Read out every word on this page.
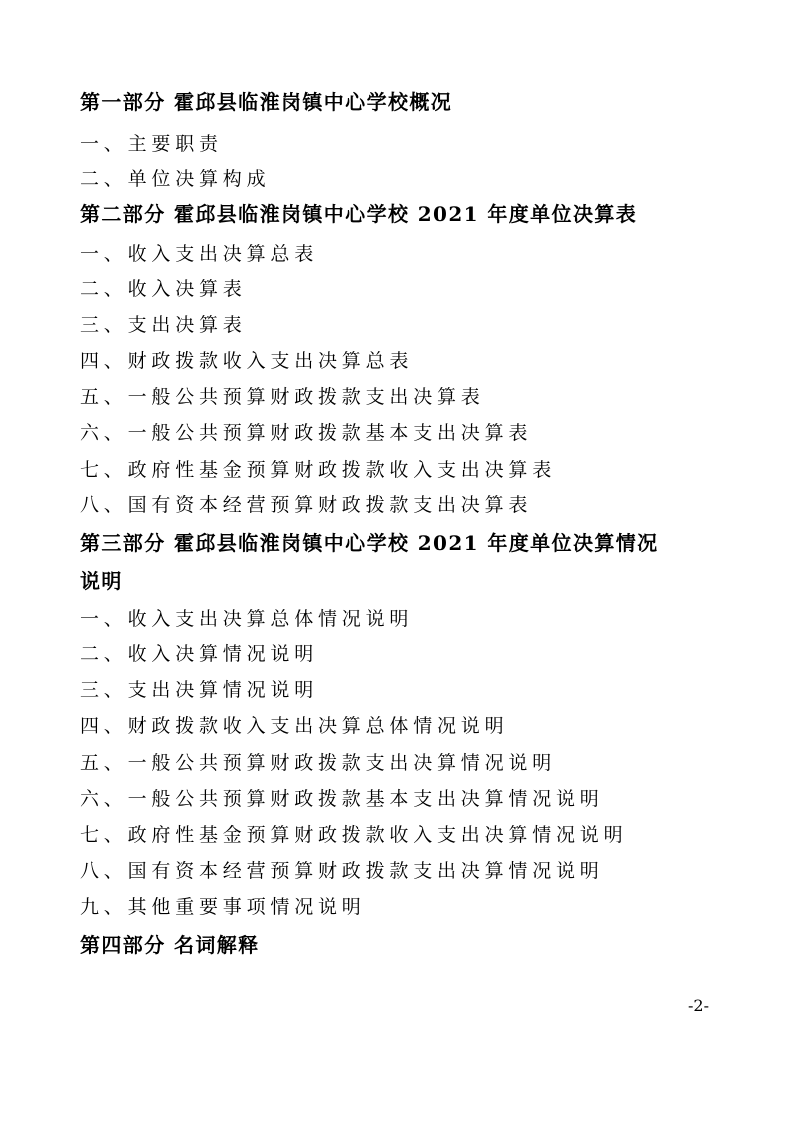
第一部分 霍邱县临淮岗镇中心学校概况
一、主要职责
二、单位决算构成
第二部分 霍邱县临淮岗镇中心学校 2021 年度单位决算表
一、收入支出决算总表
二、收入决算表
三、支出决算表
四、财政拨款收入支出决算总表
五、一般公共预算财政拨款支出决算表
六、一般公共预算财政拨款基本支出决算表
七、政府性基金预算财政拨款收入支出决算表
八、国有资本经营预算财政拨款支出决算表
第三部分 霍邱县临淮岗镇中心学校 2021 年度单位决算情况
说明
一、收入支出决算总体情况说明
二、收入决算情况说明
三、支出决算情况说明
四、财政拨款收入支出决算总体情况说明
五、一般公共预算财政拨款支出决算情况说明
六、一般公共预算财政拨款基本支出决算情况说明
七、政府性基金预算财政拨款收入支出决算情况说明
八、国有资本经营预算财政拨款支出决算情况说明
九、其他重要事项情况说明
第四部分 名词解释
-2-
